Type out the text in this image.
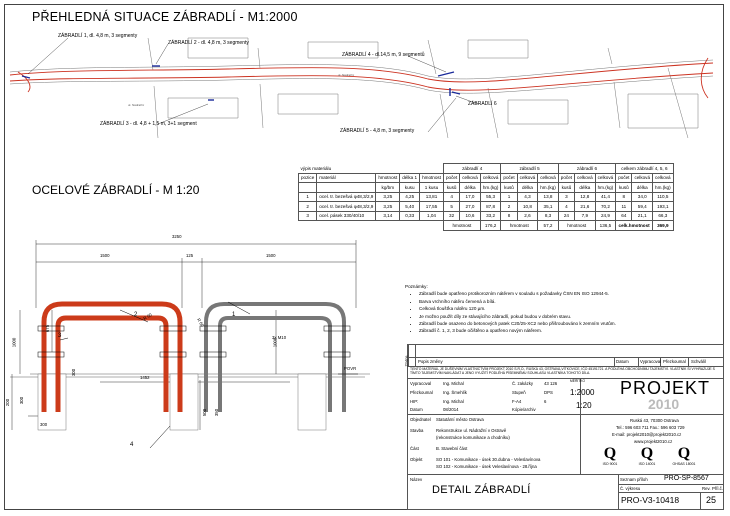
PŘEHLEDNÁ SITUACE ZÁBRADLÍ - M1:2000
ul. Nádražní
ul. Nádražní
ZÁBRADLÍ 1, dl. 4,8 m, 3 segmenty
ZÁBRADLÍ 2 - dl. 4,8 m, 3 segmenty
ZÁBRADLÍ 3 - dl. 4,8 + 1,5 m, 3+1 segment
ZÁBRADLÍ 4 - dl.14,5 m, 9 segmentů
ZÁBRADLÍ 5 - 4,8 m, 3 segmenty
ZÁBRADLÍ 6
OCELOVÉ ZÁBRADLÍ - M 1:20
výpis materiálu					zábradlí 4			zábradlí 5			zábradlí 6			celkem zábradlí 4, 5, 6		
pozice	materiál	hmotnost	délka 1	hmotnost	počet	celková	celková	počet	celková	celková	počet	celková	celková	počet	celková	celková
		kg/bm	kusu	1 kusu	kusů	délka	hm.(kg)	kusů	délka	hm.(kg)	kusů	délka	hm.(kg)	kusů	délka	hm.(kg)
1	ocel. tr. bezešvá φ48,3/2,9	3,25	4,25	13,81	4	17,0	55,3	1	4,3	13,8	3	12,8	41,4	8	34,0	110,5
2	ocel. tr. bezešvá φ48,3/2,9	3,25	5,40	17,55	5	27,0	87,8	2	10,8	35,1	4	21,6	70,2	11	59,4	193,1
3	ocel. pásek 330/40/10	3,14	0,33	1,04	32	10,6	33,2	8	2,6	8,3	24	7,9	24,9	64	21,1	66,3
					hmotnost		176,2	hmotnost		57,2	hmotnost		136,5	celk.hmotnost		369,9
3250
1500	125	1500
1000
675
1452
1000
300
200 300
300
500 350
R 60
R 60
1
2
3
4
3x M10
POVR
Poznámky:
• Zábradlí bude opatřeno protikorozním nátěrem v souladu s požadavky ČSN EN ISO 12944-5.
• Barva vrchního nátěru červená a bílá.
• Celková tloušťka nátěru 120 µm.
• Je možno použít díly ze stávajícího zábradlí, pokud budou v dobrém stavu.
• Zábradlí bude osazeno do betonových patek C20/25-XC2 nebo přišroubováno k zemním vrutům.
• Zábradlí č. 1, 2, 3 bude očištěno a opatřeno novým nátěrem.
Změna Popis změny	Datum	Vypracoval Přezkoumal Schválil
TENTO MATERIÁL JE DUŠEVNÍM VLASTNICTVÍM PROJEKT 2010 S.R.O., RUSKÁ 43, OSTRAVA-VÍTKOVICE, IČO 45191721. A PODLÉHÁ OBCHODNÍMU TAJEMSTVÍ. VLASTNÍK SI VYHRAZUJE S TÍMTO TAJEMSTVÍM NAKLÁDAT A JENO VYUŽITÍ PODLÉHÁ PÍSEMNÉMU SOUHLASU VLASTNÍKA TOHOTO DÍLA.
Vypracoval	Ing. Michal
Přezkoumal Ing. Šmehlík
HIP:	Ing. Michal
Datum	08/2014
Č. zakázky	43 126
Stupeň	DPS
F-A4	6
Kópie/archiv
MĚŘÍTKO
1:2000
1:20
Objednatel Statutární město Ostrava
Stavba	Rekonstrukce ul. Nádražní v Ostravě
(rekonstrukce komunikace a chodníku)
Část	B. Stavební část
Objekt	SO 101 - Komunikace - úsek 30.dubna - Veleslavínova
SO 102 - Komunikace - úsek Veleslavínova - 28.října
Název
DETAIL ZÁBRADLÍ
PROJEKT
2010
Ruská 43, 70300 Ostrava
Tel.: 596 603 711 Fax.: 596 603 729
E-mail: projekt2010@projekt2010.cz
www.projekt2010.cz
Q
ISO 9001
Q
ISO 14001
Q
OHSAS 18001
Seznam příloh PRO-SP-8567
Č. výkresu	Rev. Příl.č.
PRO-V3-10418	25
